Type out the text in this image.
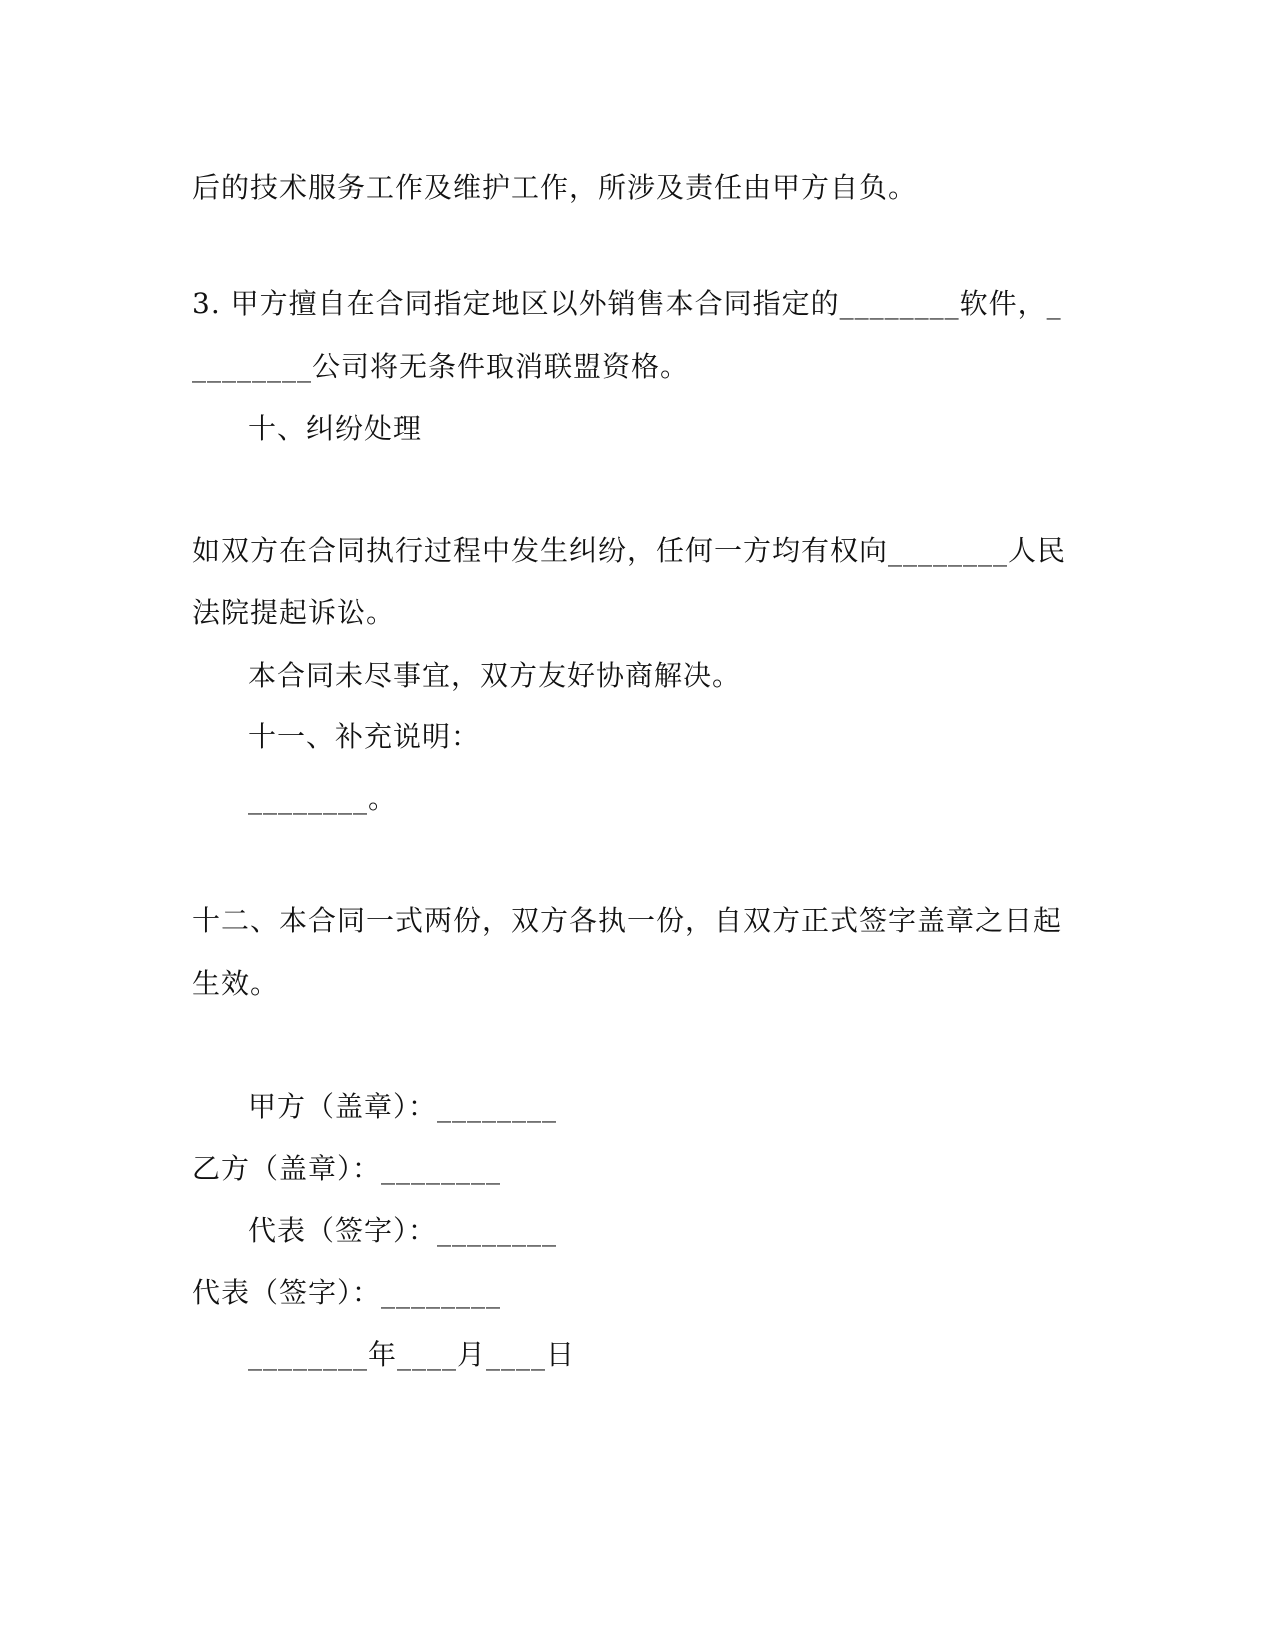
后的技术服务工作及维护工作，所涉及责任由甲方自负。
3. 甲方擅自在合同指定地区以外销售本合同指定的________软件，_
________公司将无条件取消联盟资格。
十、纠纷处理
如双方在合同执行过程中发生纠纷，任何一方均有权向________人民
法院提起诉讼。
本合同未尽事宜，双方友好协商解决。
十一、补充说明：
________。
十二、本合同一式两份，双方各执一份，自双方正式签字盖章之日起
生效。
甲方（盖章）：________
乙方（盖章）：________
代表（签字）：________
代表（签字）：________
________年____月____日
